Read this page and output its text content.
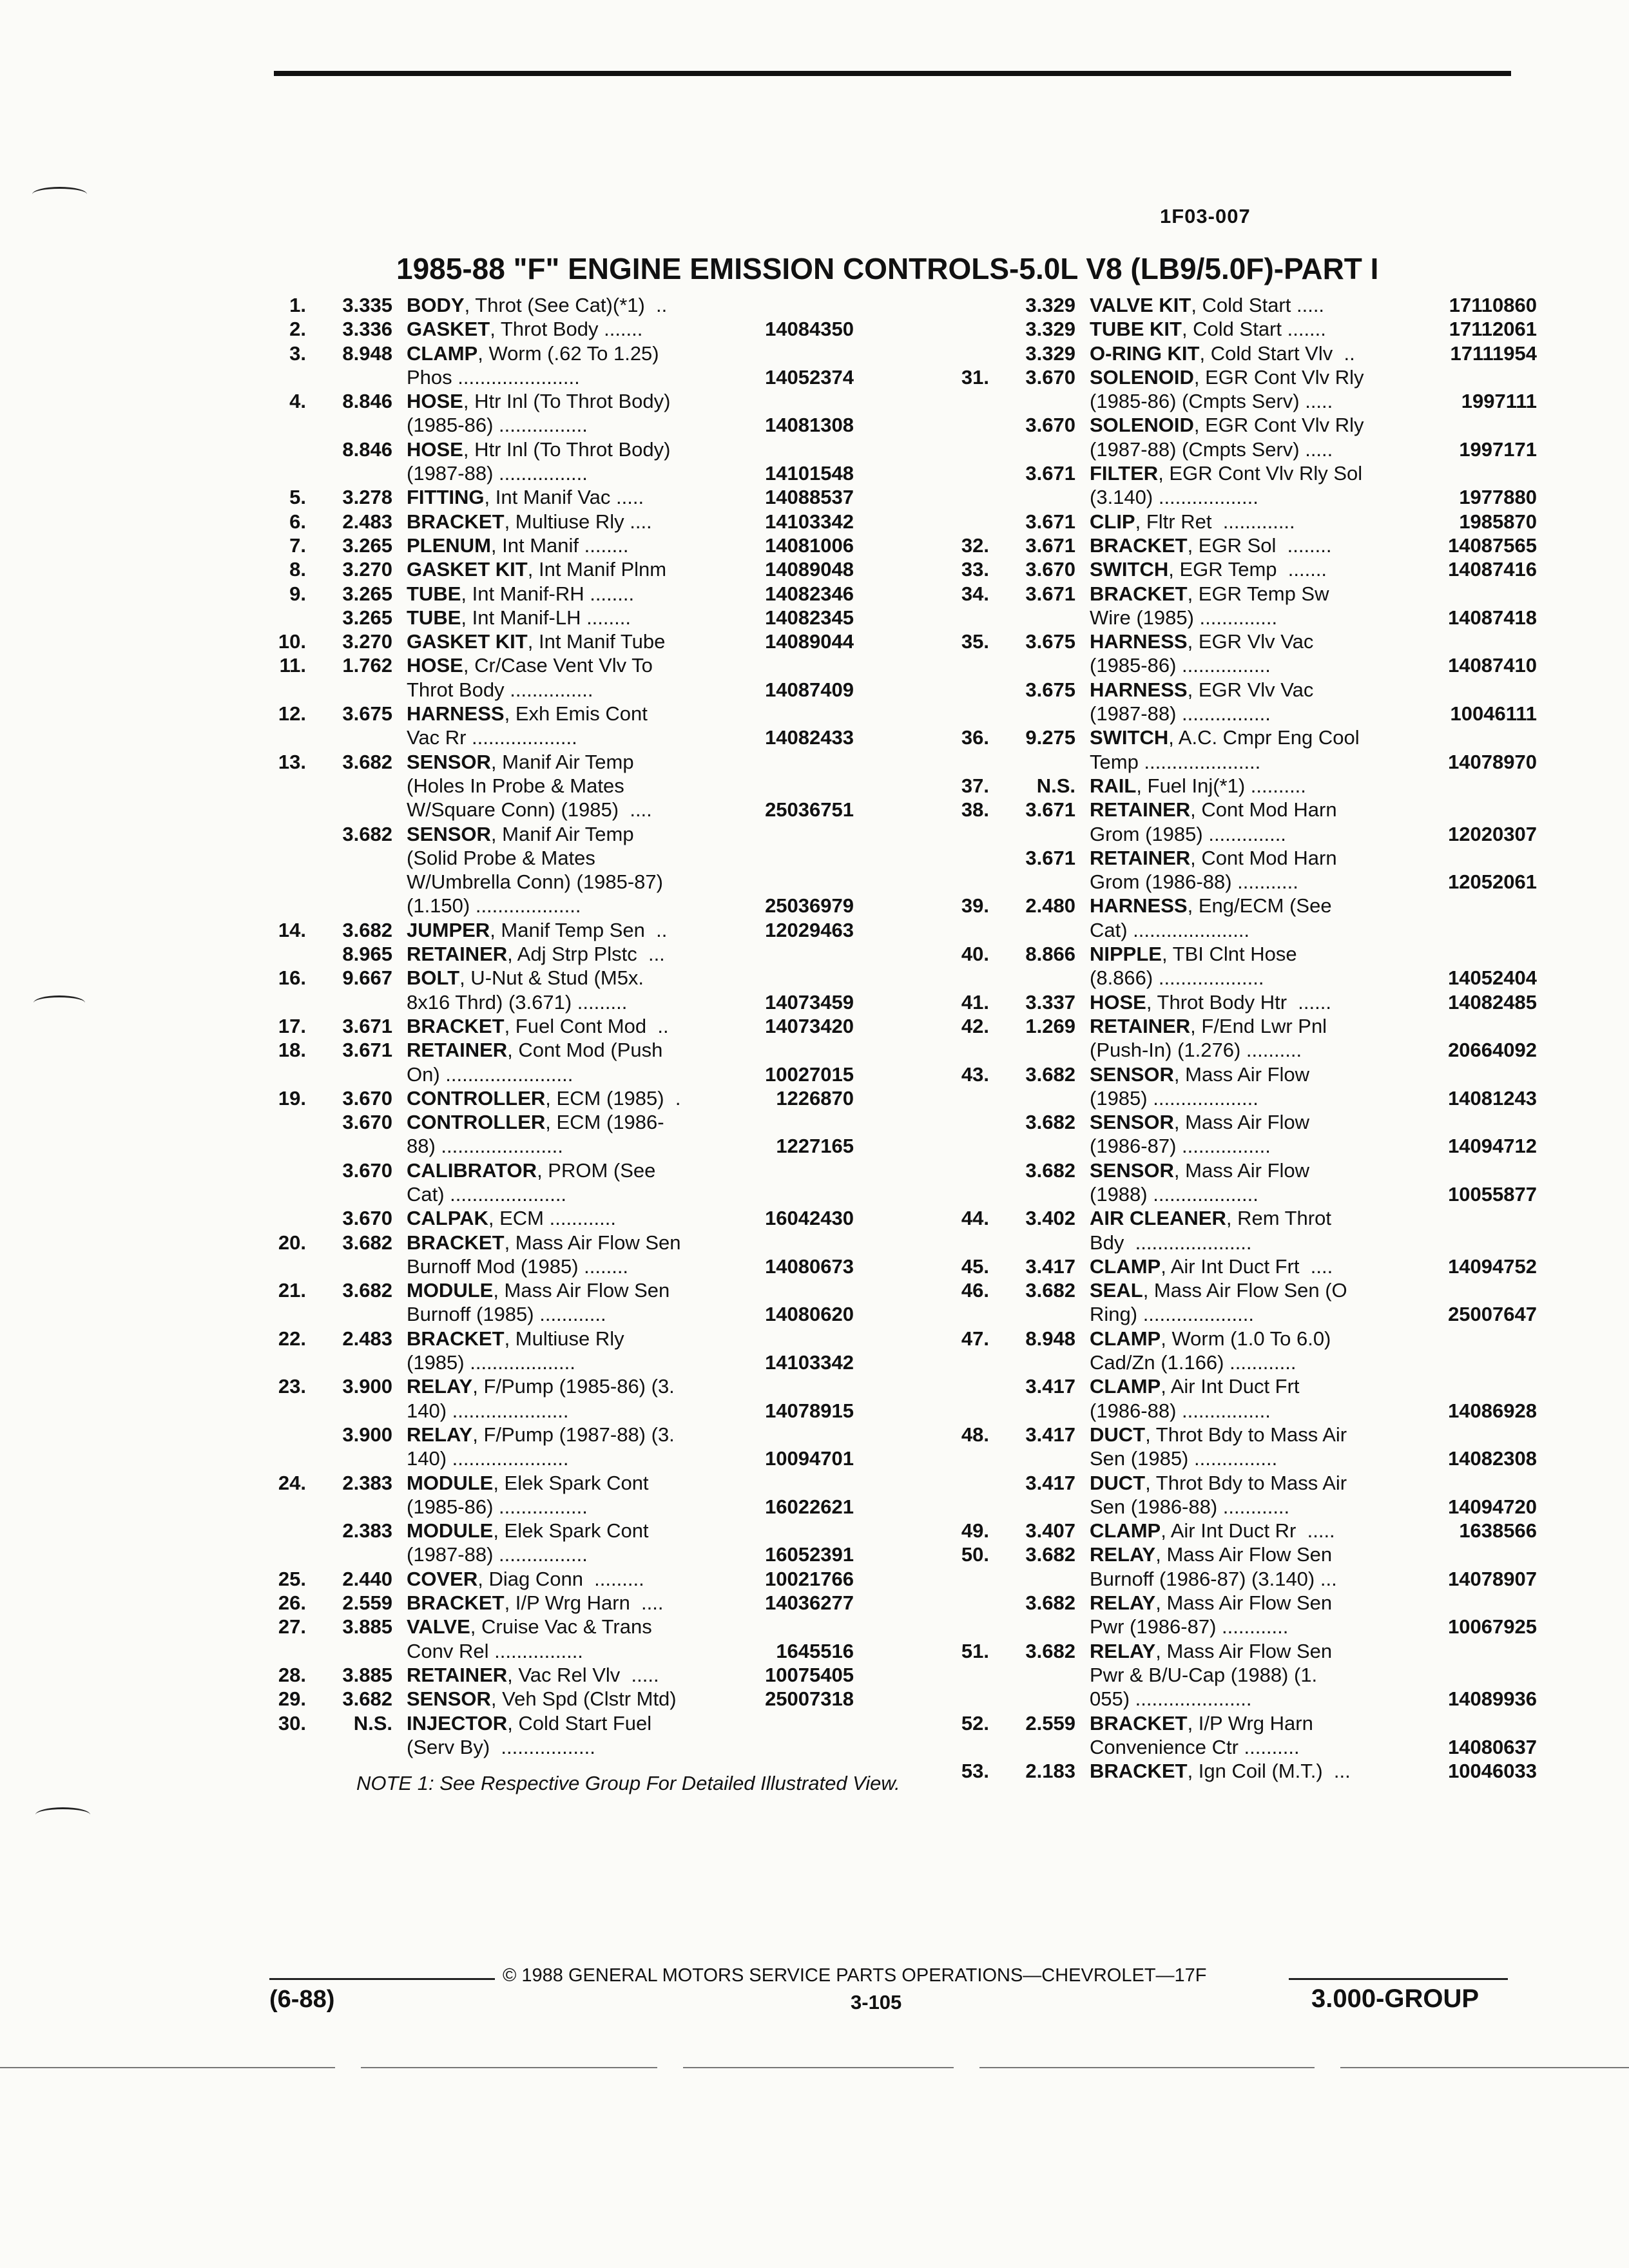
1F03-007
1985-88 "F" ENGINE EMISSION CONTROLS-5.0L V8 (LB9/5.0F)-PART I
1.	3.335 BODY, Throt (See Cat)(*1)  ..
2.	3.336 GASKET, Throt Body .......	14084350
3.	8.948 CLAMP, Worm (.62 To 1.25)
Phos ......................	14052374
4.	8.846 HOSE, Htr Inl (To Throt Body)
(1985-86) ................	14081308
8.846 HOSE, Htr Inl (To Throt Body)
(1987-88) ................	14101548
5.	3.278 FITTING, Int Manif Vac .....	14088537
6.	2.483 BRACKET, Multiuse Rly ....	14103342
7.	3.265 PLENUM, Int Manif ........	14081006
8.	3.270 GASKET KIT, Int Manif Plnm	14089048
9.	3.265 TUBE, Int Manif-RH ........	14082346
3.265 TUBE, Int Manif-LH ........	14082345
10.	3.270 GASKET KIT, Int Manif Tube	14089044
11.	1.762 HOSE, Cr/Case Vent Vlv To
Throt Body ...............	14087409
12.	3.675 HARNESS, Exh Emis Cont
Vac Rr ...................	14082433
13.	3.682 SENSOR, Manif Air Temp
(Holes In Probe & Mates
W/Square Conn) (1985)  ....	25036751
3.682 SENSOR, Manif Air Temp
(Solid Probe & Mates
W/Umbrella Conn) (1985-87)
(1.150) ...................	25036979
14.	3.682 JUMPER, Manif Temp Sen  ..	12029463
8.965 RETAINER, Adj Strp Plstc  ...
16.	9.667 BOLT, U-Nut & Stud (M5x.
8x16 Thrd) (3.671) .........	14073459
17.	3.671 BRACKET, Fuel Cont Mod  ..	14073420
18.	3.671 RETAINER, Cont Mod (Push
On) .......................	10027015
19.	3.670 CONTROLLER, ECM (1985)  .	1226870
3.670 CONTROLLER, ECM (1986-
88) ......................	1227165
3.670 CALIBRATOR, PROM (See
Cat) .....................
3.670 CALPAK, ECM ............	16042430
20.	3.682 BRACKET, Mass Air Flow Sen
Burnoff Mod (1985) ........	14080673
21.	3.682 MODULE, Mass Air Flow Sen
Burnoff (1985) ............	14080620
22.	2.483 BRACKET, Multiuse Rly
(1985) ...................	14103342
23.	3.900 RELAY, F/Pump (1985-86) (3.
140) .....................	14078915
3.900 RELAY, F/Pump (1987-88) (3.
140) .....................	10094701
24.	2.383 MODULE, Elek Spark Cont
(1985-86) ................	16022621
2.383 MODULE, Elek Spark Cont
(1987-88) ................	16052391
25.	2.440 COVER, Diag Conn  .........	10021766
26.	2.559 BRACKET, I/P Wrg Harn  ....	14036277
27.	3.885 VALVE, Cruise Vac & Trans
Conv Rel ................	1645516
28.	3.885 RETAINER, Vac Rel Vlv  .....	10075405
29.	3.682 SENSOR, Veh Spd (Clstr Mtd)	25007318
30.	N.S. INJECTOR, Cold Start Fuel
(Serv By)  .................
3.329 VALVE KIT, Cold Start .....	17110860
3.329 TUBE KIT, Cold Start .......	17112061
3.329 O-RING KIT, Cold Start Vlv  ..	17111954
31.	3.670 SOLENOID, EGR Cont Vlv Rly
(1985-86) (Cmpts Serv) .....	1997111
3.670 SOLENOID, EGR Cont Vlv Rly
(1987-88) (Cmpts Serv) .....	1997171
3.671 FILTER, EGR Cont Vlv Rly Sol
(3.140) ..................	1977880
3.671 CLIP, Fltr Ret  .............	1985870
32.	3.671 BRACKET, EGR Sol  ........	14087565
33.	3.670 SWITCH, EGR Temp  .......	14087416
34.	3.671 BRACKET, EGR Temp Sw
Wire (1985) ..............	14087418
35.	3.675 HARNESS, EGR Vlv Vac
(1985-86) ................	14087410
3.675 HARNESS, EGR Vlv Vac
(1987-88) ................	10046111
36.	9.275 SWITCH, A.C. Cmpr Eng Cool
Temp .....................	14078970
37.	N.S. RAIL, Fuel Inj(*1) ..........
38.	3.671 RETAINER, Cont Mod Harn
Grom (1985) ..............	12020307
3.671 RETAINER, Cont Mod Harn
Grom (1986-88) ...........	12052061
39.	2.480 HARNESS, Eng/ECM (See
Cat) .....................
40.	8.866 NIPPLE, TBI Clnt Hose
(8.866) ...................	14052404
41.	3.337 HOSE, Throt Body Htr  ......	14082485
42.	1.269 RETAINER, F/End Lwr Pnl
(Push-In) (1.276) ..........	20664092
43.	3.682 SENSOR, Mass Air Flow
(1985) ...................	14081243
3.682 SENSOR, Mass Air Flow
(1986-87) ................	14094712
3.682 SENSOR, Mass Air Flow
(1988) ...................	10055877
44.	3.402 AIR CLEANER, Rem Throt
Bdy  .....................
45.	3.417 CLAMP, Air Int Duct Frt  ....	14094752
46.	3.682 SEAL, Mass Air Flow Sen (O
Ring) ....................	25007647
47.	8.948 CLAMP, Worm (1.0 To 6.0)
Cad/Zn (1.166) ............
3.417 CLAMP, Air Int Duct Frt
(1986-88) ................	14086928
48.	3.417 DUCT, Throt Bdy to Mass Air
Sen (1985) ...............	14082308
3.417 DUCT, Throt Bdy to Mass Air
Sen (1986-88) ............	14094720
49.	3.407 CLAMP, Air Int Duct Rr  .....	1638566
50.	3.682 RELAY, Mass Air Flow Sen
Burnoff (1986-87) (3.140) ...	14078907
3.682 RELAY, Mass Air Flow Sen
Pwr (1986-87) ............	10067925
51.	3.682 RELAY, Mass Air Flow Sen
Pwr & B/U-Cap (1988) (1.
055) .....................	14089936
52.	2.559 BRACKET, I/P Wrg Harn
Convenience Ctr ..........	14080637
53.	2.183 BRACKET, Ign Coil (M.T.)  ...	10046033
NOTE 1: See Respective Group For Detailed Illustrated View.
© 1988 GENERAL MOTORS SERVICE PARTS OPERATIONS—CHEVROLET—17F
(6-88)	3-105	3.000-GROUP
